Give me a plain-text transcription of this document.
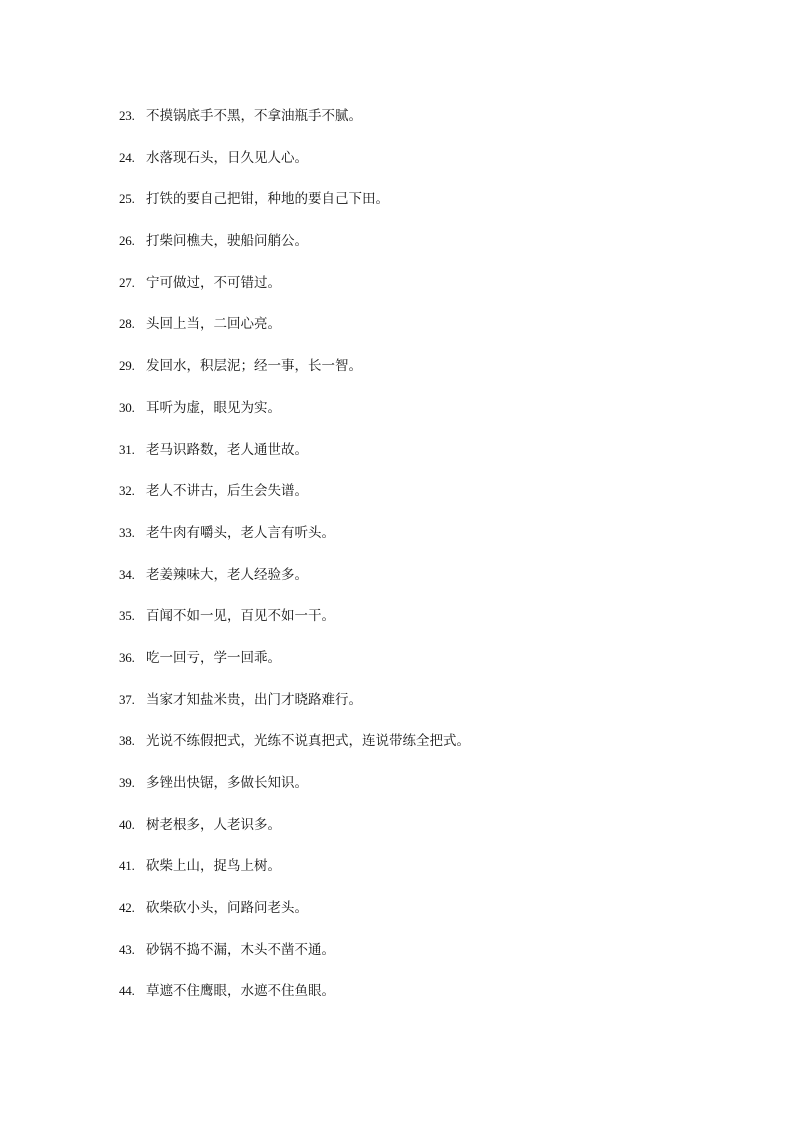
23. 不摸锅底手不黑，不拿油瓶手不腻。
24. 水落现石头，日久见人心。
25. 打铁的要自己把钳，种地的要自己下田。
26. 打柴问樵夫，驶船问艄公。
27. 宁可做过，不可错过。
28. 头回上当，二回心亮。
29. 发回水，积层泥；经一事，长一智。
30. 耳听为虚，眼见为实。
31. 老马识路数，老人通世故。
32. 老人不讲古，后生会失谱。
33. 老牛肉有嚼头，老人言有听头。
34. 老姜辣味大，老人经验多。
35. 百闻不如一见，百见不如一干。
36. 吃一回亏，学一回乖。
37. 当家才知盐米贵，出门才晓路难行。
38. 光说不练假把式，光练不说真把式，连说带练全把式。
39. 多锉出快锯，多做长知识。
40. 树老根多，人老识多。
41. 砍柴上山，捉鸟上树。
42. 砍柴砍小头，问路问老头。
43. 砂锅不捣不漏，木头不凿不通。
44. 草遮不住鹰眼，水遮不住鱼眼。
